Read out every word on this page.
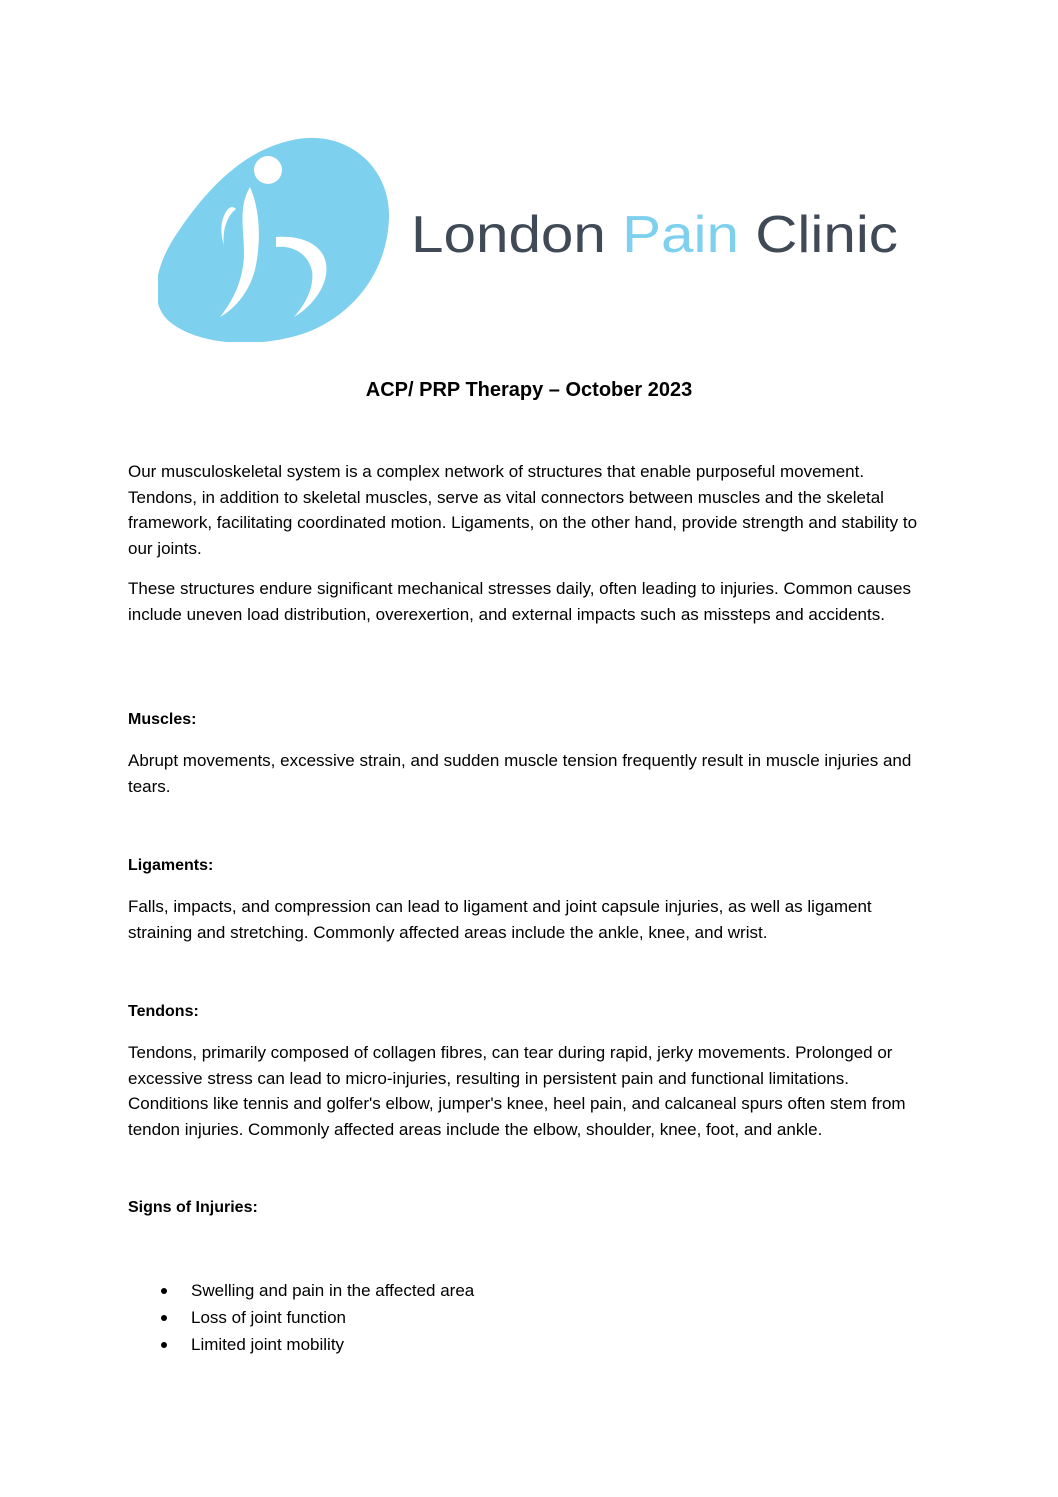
London Pain Clinic
ACP/ PRP Therapy – October 2023

Our musculoskeletal system is a complex network of structures that enable purposeful movement. Tendons, in addition to skeletal muscles, serve as vital connectors between muscles and the skeletal framework, facilitating coordinated motion. Ligaments, on the other hand, provide strength and stability to our joints.

These structures endure significant mechanical stresses daily, often leading to injuries. Common causes include uneven load distribution, overexertion, and external impacts such as missteps and accidents.

Muscles:

Abrupt movements, excessive strain, and sudden muscle tension frequently result in muscle injuries and tears.

Ligaments:

Falls, impacts, and compression can lead to ligament and joint capsule injuries, as well as ligament straining and stretching. Commonly affected areas include the ankle, knee, and wrist.

Tendons:

Tendons, primarily composed of collagen fibres, can tear during rapid, jerky movements. Prolonged or excessive stress can lead to micro-injuries, resulting in persistent pain and functional limitations. Conditions like tennis and golfer's elbow, jumper's knee, heel pain, and calcaneal spurs often stem from tendon injuries. Commonly affected areas include the elbow, shoulder, knee, foot, and ankle.

Signs of Injuries:

Swelling and pain in the affected area
Loss of joint function
Limited joint mobility
